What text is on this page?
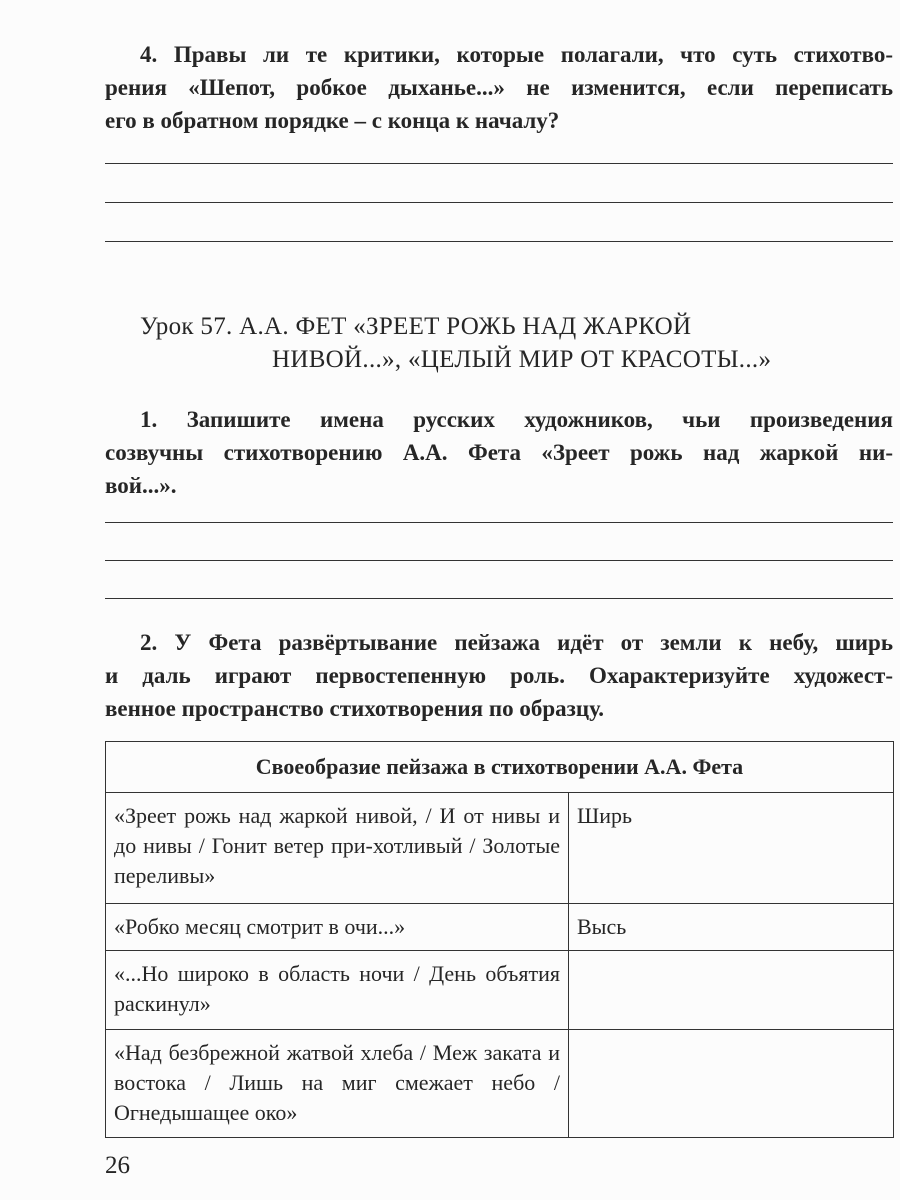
4. Правы ли те критики, которые полагали, что суть стихотво-
рения «Шепот, робкое дыханье...» не изменится, если переписать
его в обратном порядке – с конца к началу?
Урок 57. А.А. ФЕТ «ЗРЕЕТ РОЖЬ НАД ЖАРКОЙ
НИВОЙ...», «ЦЕЛЫЙ МИР ОТ КРАСОТЫ...»
1. Запишите имена русских художников, чьи произведения
созвучны стихотворению А.А. Фета «Зреет рожь над жаркой ни-
вой...».
2. У Фета развёртывание пейзажа идёт от земли к небу, ширь
и даль играют первостепенную роль. Охарактеризуйте художест-
венное пространство стихотворения по образцу.
Своеобразие пейзажа в стихотворении А.А. Фета	
«Зреет рожь над жаркой нивой, / И от нивы и до нивы / Гонит ветер при-хотливый / Золотые переливы»	Ширь
«Робко месяц смотрит в очи...»	Высь
«...Но широко в область ночи / День объятия раскинул»	
«Над безбрежной жатвой хлеба / Меж заката и востока / Лишь на миг смежает небо / Огнедышащее око»	
26
